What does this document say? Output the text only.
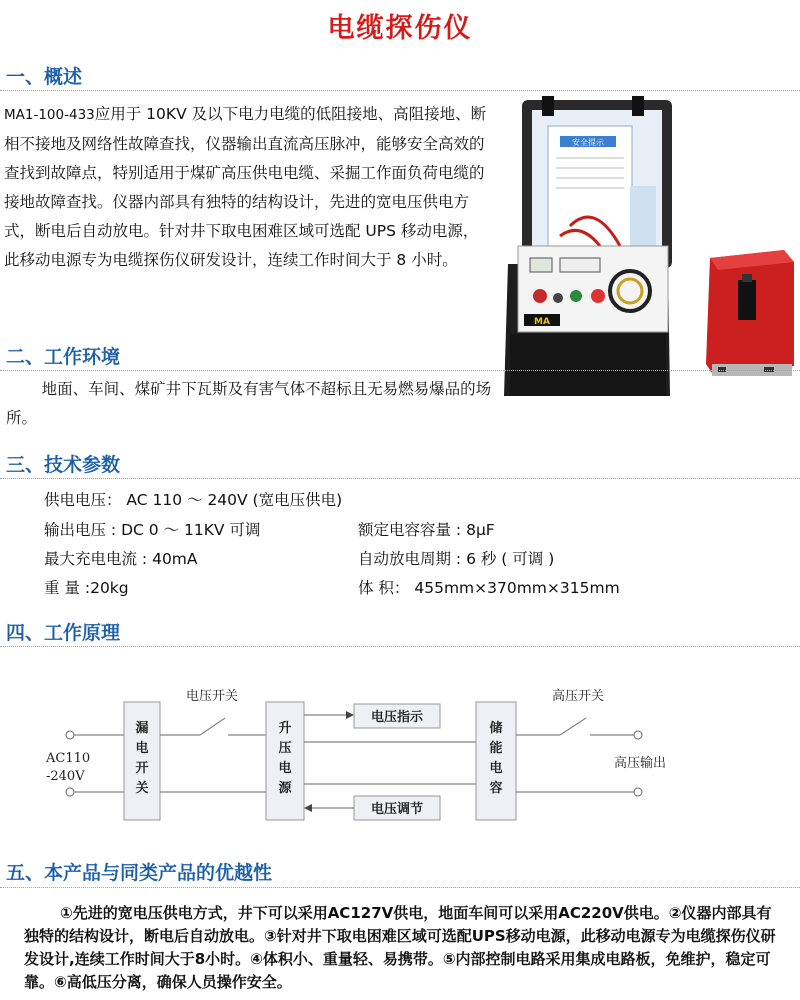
电缆探伤仪
一、概述
MA1-100-433应用于 10KV 及以下电力电缆的低阻接地、高阻接地、断相不接地及网络性故障查找，仪器输出直流高压脉冲，能够安全高效的查找到故障点，特别适用于煤矿高压供电电缆、采掘工作面负荷电缆的接地故障查找。仪器内部具有独特的结构设计，先进的宽电压供电方式，断电后自动放电。针对井下取电困难区域可选配 UPS 移动电源，此移动电源专为电缆探伤仪研发设计，连续工作时间大于 8 小时。
安全提示
MA
二、工作环境
地面、车间、煤矿井下瓦斯及有害气体不超标且无易燃易爆品的场所。
三、技术参数
供电电压： AC 110 ～ 240V (宽电压供电)
输出电压 : DC 0 ～ 11KV 可调	额定电容容量 : 8μF
最大充电电流 : 40mA	自动放电周期 : 6 秒 ( 可调 )
重 量 :20kg	体 积： 455mm×370mm×315mm
四、工作原理
AC110
-240V
漏
电
开
关
电压开关
升
压
电
源
电压指示
电压调节
储
能
电
容
高压开关
高压输出
五、本产品与同类产品的优越性
①先进的宽电压供电方式，井下可以采用AC127V供电，地面车间可以采用AC220V供电。②仪器内部具有独特的结构设计，断电后自动放电。③针对井下取电困难区域可选配UPS移动电源，此移动电源专为电缆探伤仪研发设计,连续工作时间大于8小时。④体积小、重量轻、易携带。⑤内部控制电路采用集成电路板，免维护，稳定可靠。⑥高低压分离，确保人员操作安全。
